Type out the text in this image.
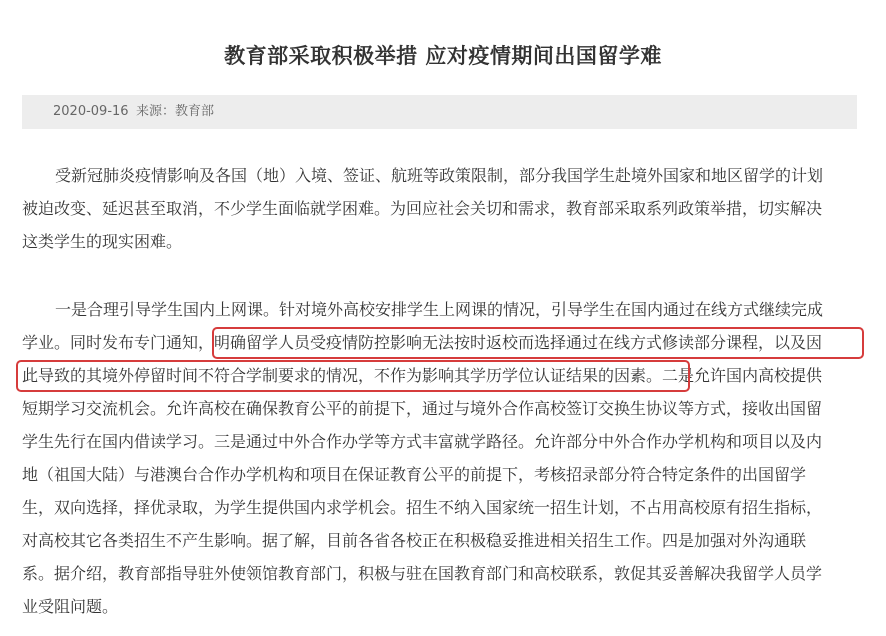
教育部采取积极举措 应对疫情期间出国留学难
2020-09-16 来源：教育部
受新冠肺炎疫情影响及各国（地）入境、签证、航班等政策限制，部分我国学生赴境外国家和地区留学的计划
被迫改变、延迟甚至取消，不少学生面临就学困难。为回应社会关切和需求，教育部采取系列政策举措，切实解决
这类学生的现实困难。
一是合理引导学生国内上网课。针对境外高校安排学生上网课的情况，引导学生在国内通过在线方式继续完成
学业。同时发布专门通知，明确留学人员受疫情防控影响无法按时返校而选择通过在线方式修读部分课程，以及因
此导致的其境外停留时间不符合学制要求的情况，不作为影响其学历学位认证结果的因素。二是允许国内高校提供
短期学习交流机会。允许高校在确保教育公平的前提下，通过与境外合作高校签订交换生协议等方式，接收出国留
学生先行在国内借读学习。三是通过中外合作办学等方式丰富就学路径。允许部分中外合作办学机构和项目以及内
地（祖国大陆）与港澳台合作办学机构和项目在保证教育公平的前提下，考核招录部分符合特定条件的出国留学
生，双向选择，择优录取，为学生提供国内求学机会。招生不纳入国家统一招生计划，不占用高校原有招生指标，
对高校其它各类招生不产生影响。据了解，目前各省各校正在积极稳妥推进相关招生工作。四是加强对外沟通联
系。据介绍，教育部指导驻外使领馆教育部门，积极与驻在国教育部门和高校联系，敦促其妥善解决我留学人员学
业受阻问题。
